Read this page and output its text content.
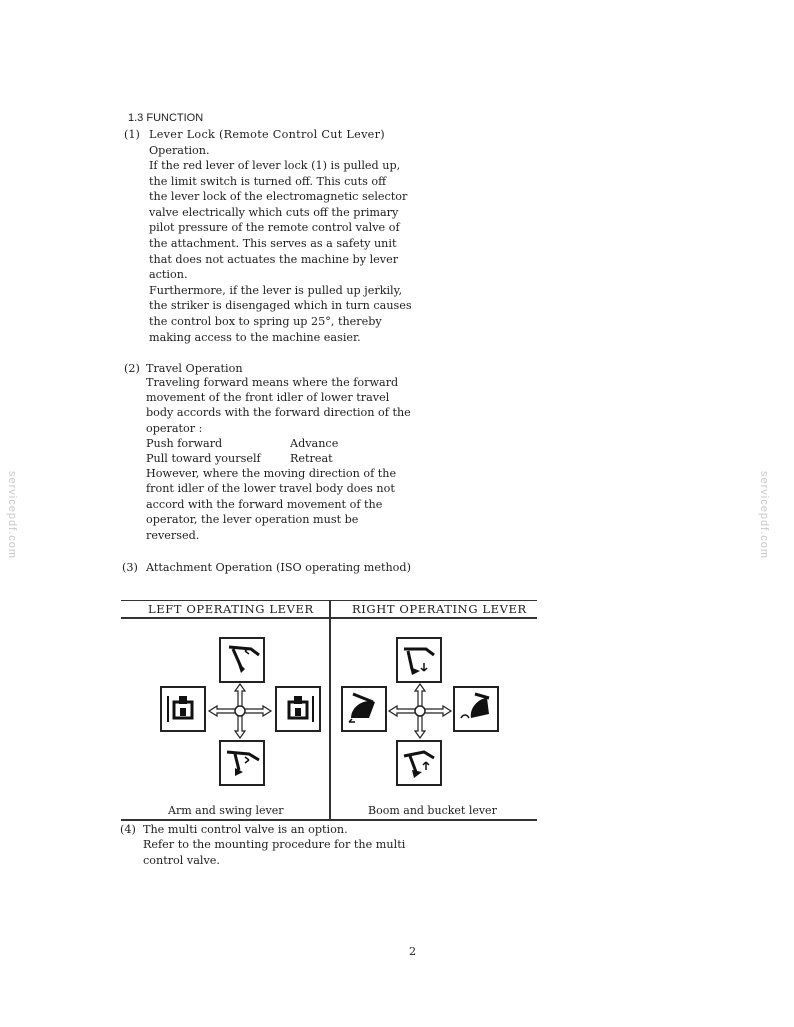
servicepdf.com	servicepdf.com
1.3 FUNCTION
(1) Lever Lock (Remote Control Cut Lever)
Operation.
If the red lever of lever lock (1) is pulled up,
the limit switch is turned off. This cuts off
the lever lock of the electromagnetic selector
valve electrically which cuts off the primary
pilot pressure of the remote control valve of
the attachment. This serves as a safety unit
that does not actuates the machine by lever
action.
Furthermore, if the lever is pulled up jerkily,
the striker is disengaged which in turn causes
the control box to spring up 25°, thereby
making access to the machine easier.
(2) Travel Operation
Traveling forward means where the forward
movement of the front idler of lower travel
body accords with the forward direction of the
operator :
Push forward	Advance
Pull toward yourself	Retreat
However, where the moving direction of the
front idler of the lower travel body does not
accord with the forward movement of the
operator, the lever operation must be
reversed.
(3) Attachment Operation (ISO operating method)
LEFT OPERATING LEVER	RIGHT OPERATING LEVER
Arm and swing lever	Boom and bucket lever
(4) The multi control valve is an option.
Refer to the mounting procedure for the multi
control valve.
2
